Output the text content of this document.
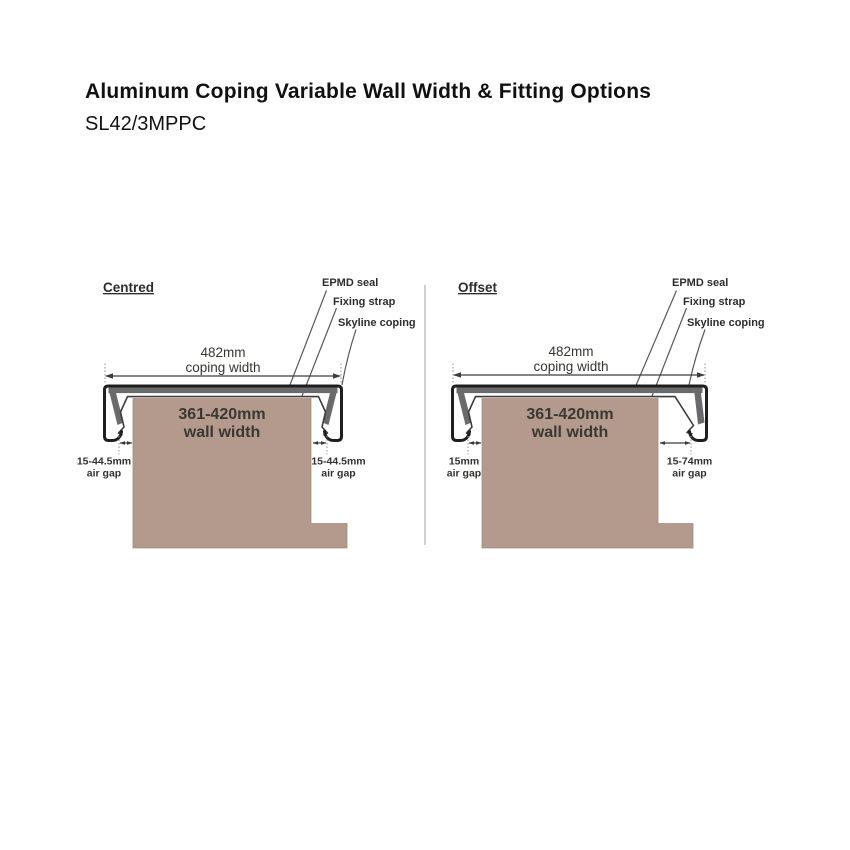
Aluminum Coping Variable Wall Width & Fitting Options
SL42/3MPPC
Centred	EPMD seal
Fixing strap
Skyline coping
482mm
coping width
361-420mm
wall width
15-44.5mm
air gap
15-44.5mm
air gap
Offset	EPMD seal
Fixing strap
Skyline coping
482mm
coping width
361-420mm
wall width
15mm
air gap
15-74mm
air gap
